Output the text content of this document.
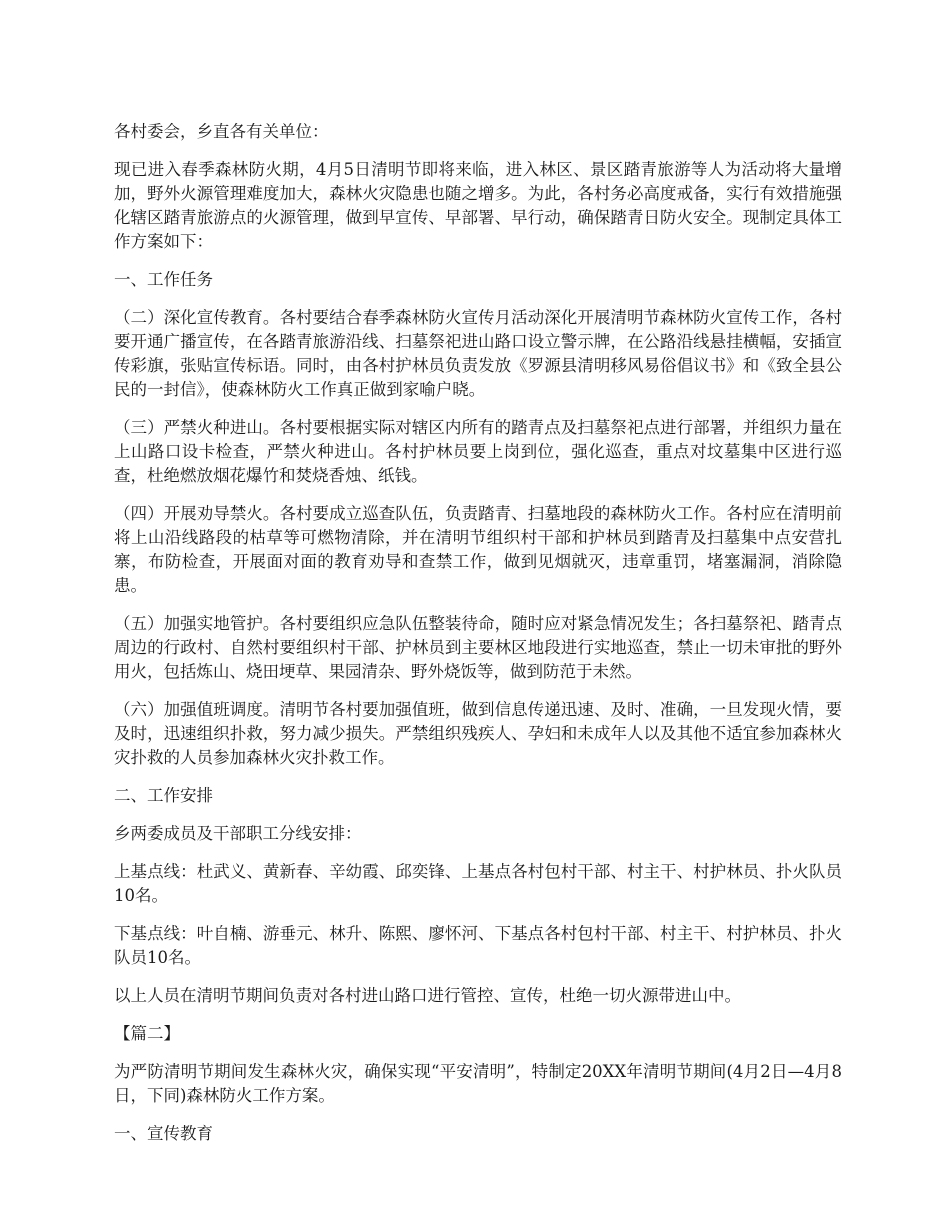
各村委会，乡直各有关单位：

现已进入春季森林防火期，4月5日清明节即将来临，进入林区、景区踏青旅游等人为活动将大量增加，野外火源管理难度加大，森林火灾隐患也随之增多。为此，各村务必高度戒备，实行有效措施强化辖区踏青旅游点的火源管理，做到早宣传、早部署、早行动，确保踏青日防火安全。现制定具体工作方案如下：

一、工作任务

（二）深化宣传教育。各村要结合春季森林防火宣传月活动深化开展清明节森林防火宣传工作，各村要开通广播宣传，在各踏青旅游沿线、扫墓祭祀进山路口设立警示牌，在公路沿线悬挂横幅，安插宣传彩旗，张贴宣传标语。同时，由各村护林员负责发放《罗源县清明移风易俗倡议书》和《致全县公民的一封信》，使森林防火工作真正做到家喻户晓。

（三）严禁火种进山。各村要根据实际对辖区内所有的踏青点及扫墓祭祀点进行部署，并组织力量在上山路口设卡检查，严禁火种进山。各村护林员要上岗到位，强化巡查，重点对坟墓集中区进行巡查，杜绝燃放烟花爆竹和焚烧香烛、纸钱。

（四）开展劝导禁火。各村要成立巡查队伍，负责踏青、扫墓地段的森林防火工作。各村应在清明前将上山沿线路段的枯草等可燃物清除，并在清明节组织村干部和护林员到踏青及扫墓集中点安营扎寨，布防检查，开展面对面的教育劝导和查禁工作，做到见烟就灭，违章重罚，堵塞漏洞，消除隐患。

（五）加强实地管护。各村要组织应急队伍整装待命，随时应对紧急情况发生；各扫墓祭祀、踏青点周边的行政村、自然村要组织村干部、护林员到主要林区地段进行实地巡查，禁止一切未审批的野外用火，包括炼山、烧田埂草、果园清杂、野外烧饭等，做到防范于未然。

（六）加强值班调度。清明节各村要加强值班，做到信息传递迅速、及时、准确，一旦发现火情，要及时，迅速组织扑救，努力减少损失。严禁组织残疾人、孕妇和未成年人以及其他不适宜参加森林火灾扑救的人员参加森林火灾扑救工作。

二、工作安排

乡两委成员及干部职工分线安排：

上基点线：杜武义、黄新春、辛幼霞、邱奕锋、上基点各村包村干部、村主干、村护林员、扑火队员10名。

下基点线：叶自楠、游垂元、林升、陈熙、廖怀河、下基点各村包村干部、村主干、村护林员、扑火队员10名。

以上人员在清明节期间负责对各村进山路口进行管控、宣传，杜绝一切火源带进山中。

【篇二】

为严防清明节期间发生森林火灾，确保实现“平安清明”，特制定20XX年清明节期间(4月2日—4月8日，下同)森林防火工作方案。

一、宣传教育
